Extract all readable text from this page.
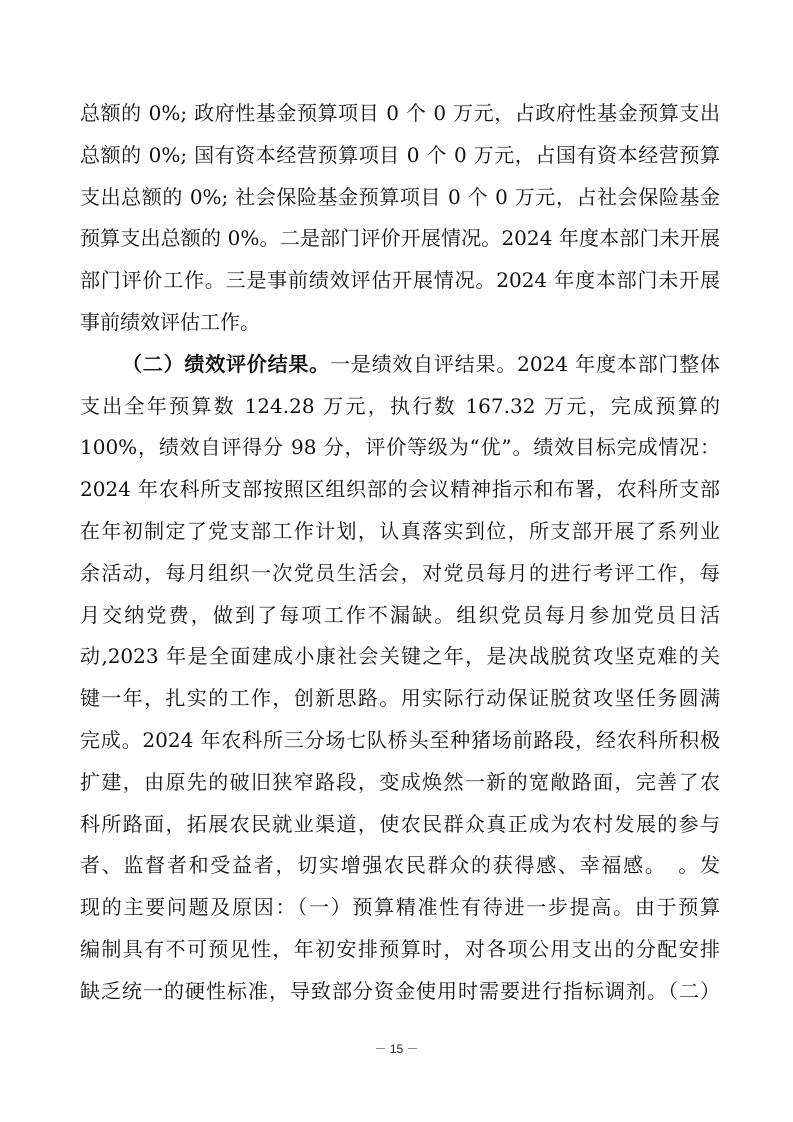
总额的 0%; 政府性基金预算项目 0 个 0 万元，占政府性基金预算支出
总额的 0%; 国有资本经营预算项目 0 个 0 万元，占国有资本经营预算
支出总额的 0%; 社会保险基金预算项目 0 个 0 万元，占社会保险基金
预算支出总额的 0%。二是部门评价开展情况。2024 年度本部门未开展
部门评价工作。三是事前绩效评估开展情况。2024 年度本部门未开展
事前绩效评估工作。
（二）绩效评价结果。一是绩效自评结果。2024 年度本部门整体
支出全年预算数 124.28 万元，执行数 167.32 万元，完成预算的
100%，绩效自评得分 98 分，评价等级为“优”。绩效目标完成情况：
2024 年农科所支部按照区组织部的会议精神指示和布署，农科所支部
在年初制定了党支部工作计划，认真落实到位，所支部开展了系列业
余活动，每月组织一次党员生活会，对党员每月的进行考评工作，每
月交纳党费，做到了每项工作不漏缺。组织党员每月参加党员日活
动,2023 年是全面建成小康社会关键之年，是决战脱贫攻坚克难的关
键一年，扎实的工作，创新思路。用实际行动保证脱贫攻坚任务圆满
完成。2024 年农科所三分场七队桥头至种猪场前路段，经农科所积极
扩建，由原先的破旧狭窄路段，变成焕然一新的宽敞路面，完善了农
科所路面，拓展农民就业渠道，使农民群众真正成为农村发展的参与
者、监督者和受益者，切实增强农民群众的获得感、幸福感。　。发
现的主要问题及原因：（一）预算精准性有待进一步提高。由于预算
编制具有不可预见性，年初安排预算时，对各项公用支出的分配安排
缺乏统一的硬性标准，导致部分资金使用时需要进行指标调剂。（二）
－ 15 －
